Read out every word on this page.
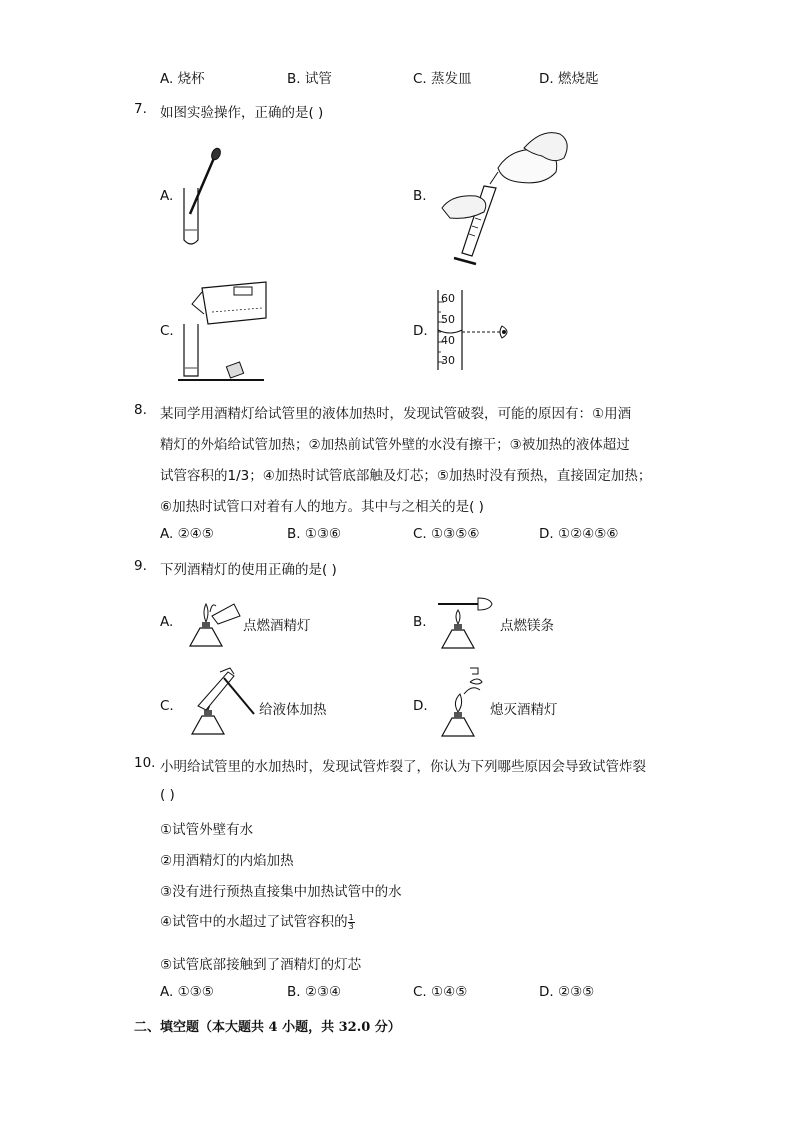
A. 烧杯	B. 试管	C. 蒸发皿	D. 燃烧匙
7. 如图实验操作，正确的是( )
A.	B.
C.	D.
60
50
40
30
8. 某同学用酒精灯给试管里的液体加热时，发现试管破裂，可能的原因有：①用酒
精灯的外焰给试管加热；②加热前试管外壁的水没有擦干；③被加热的液体超过
试管容积的1/3；④加热时试管底部触及灯芯；⑤加热时没有预热，直接固定加热；
⑥加热时试管口对着有人的地方。其中与之相关的是( )
A. ②④⑤	B. ①③⑥	C. ①③⑤⑥	D. ①②④⑤⑥
9. 下列酒精灯的使用正确的是( )
A.	点燃酒精灯	B.	点燃镁条
C.	给液体加热	D.	熄灭酒精灯
10. 小明给试管里的水加热时，发现试管炸裂了，你认为下列哪些原因会导致试管炸裂
( )
①试管外壁有水
②用酒精灯的内焰加热
③没有进行预热直接集中加热试管中的水
④试管中的水超过了试管容积的 $\frac{1}{3}$
⑤试管底部接触到了酒精灯的灯芯
A. ①③⑤	B. ②③④	C. ①④⑤	D. ②③⑤
二、填空题（本大题共 4 小题，共 32.0 分）
